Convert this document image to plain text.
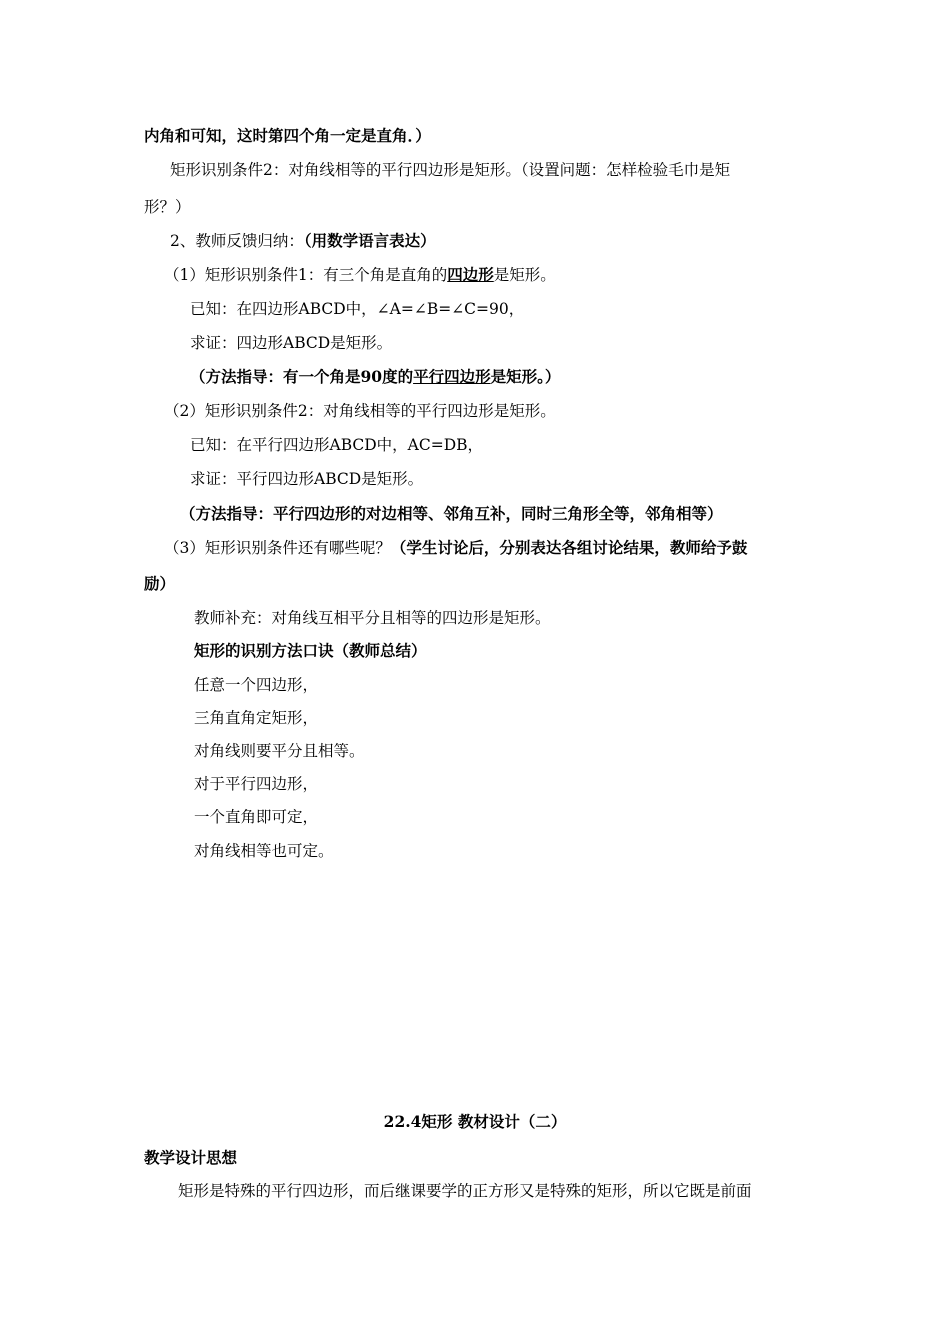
内角和可知，这时第四个角一定是直角．）
矩形识别条件2：对角线相等的平行四边形是矩形。（设置问题：怎样检验毛巾是矩
形？）
2、教师反馈归纳：（用数学语言表达）
（1）矩形识别条件1：有三个角是直角的四边形是矩形。
已知：在四边形ABCD中，∠A=∠B=∠C=90，
求证：四边形ABCD是矩形。
（方法指导：有一个角是90度的平行四边形是矩形。）
（2）矩形识别条件2：对角线相等的平行四边形是矩形。
已知：在平行四边形ABCD中，AC=DB，
求证：平行四边形ABCD是矩形。
（方法指导：平行四边形的对边相等、邻角互补，同时三角形全等，邻角相等）
（3）矩形识别条件还有哪些呢？（学生讨论后，分别表达各组讨论结果，教师给予鼓
励）
教师补充：对角线互相平分且相等的四边形是矩形。
矩形的识别方法口诀（教师总结）
任意一个四边形，
三角直角定矩形，
对角线则要平分且相等。
对于平行四边形，
一个直角即可定，
对角线相等也可定。
22.4矩形 教材设计（二）
教学设计思想
矩形是特殊的平行四边形，而后继课要学的正方形又是特殊的矩形，所以它既是前面
